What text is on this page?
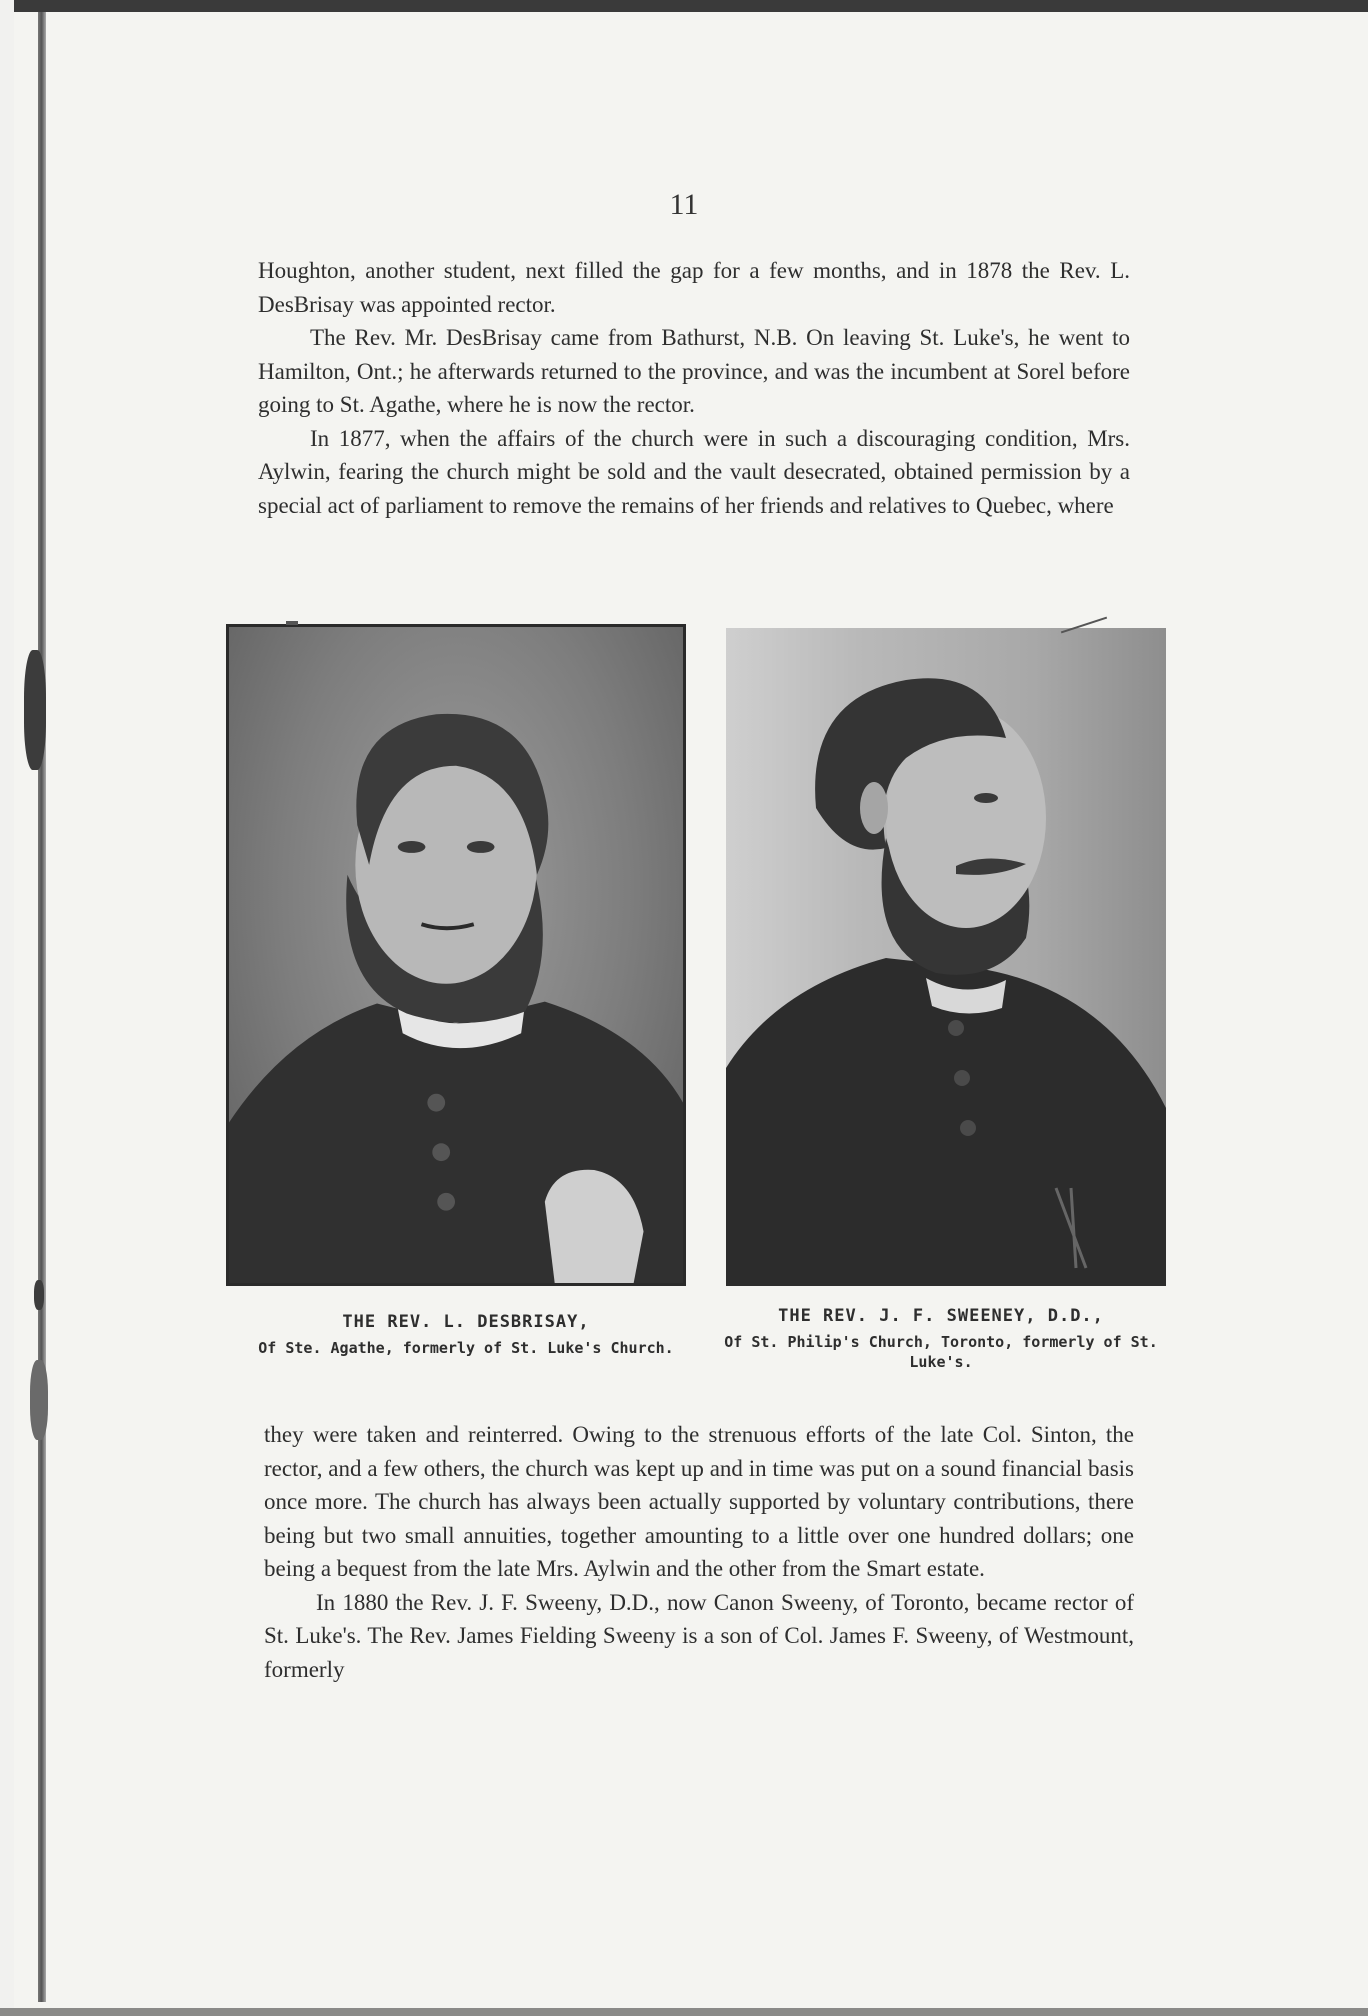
11

Houghton, another student, next filled the gap for a few months, and in 1878 the Rev. L. DesBrisay was appointed rector.

The Rev. Mr. DesBrisay came from Bathurst, N.B. On leaving St. Luke's, he went to Hamilton, Ont.; he afterwards returned to the province, and was the incumbent at Sorel before going to St. Agathe, where he is now the rector.

In 1877, when the affairs of the church were in such a discouraging condition, Mrs. Aylwin, fearing the church might be sold and the vault desecrated, obtained permission by a special act of parliament to remove the remains of her friends and relatives to Quebec, where

THE REV. L. DESBRISAY,
Of Ste. Agathe, formerly of St. Luke's Church.
THE REV. J. F. SWEENEY, D.D.,
Of St. Philip's Church, Toronto, formerly of St. Luke's.

they were taken and reinterred. Owing to the strenuous efforts of the late Col. Sinton, the rector, and a few others, the church was kept up and in time was put on a sound financial basis once more. The church has always been actually supported by voluntary contributions, there being but two small annuities, together amounting to a little over one hundred dollars; one being a bequest from the late Mrs. Aylwin and the other from the Smart estate.

In 1880 the Rev. J. F. Sweeny, D.D., now Canon Sweeny, of Toronto, became rector of St. Luke's. The Rev. James Fielding Sweeny is a son of Col. James F. Sweeny, of Westmount, formerly
